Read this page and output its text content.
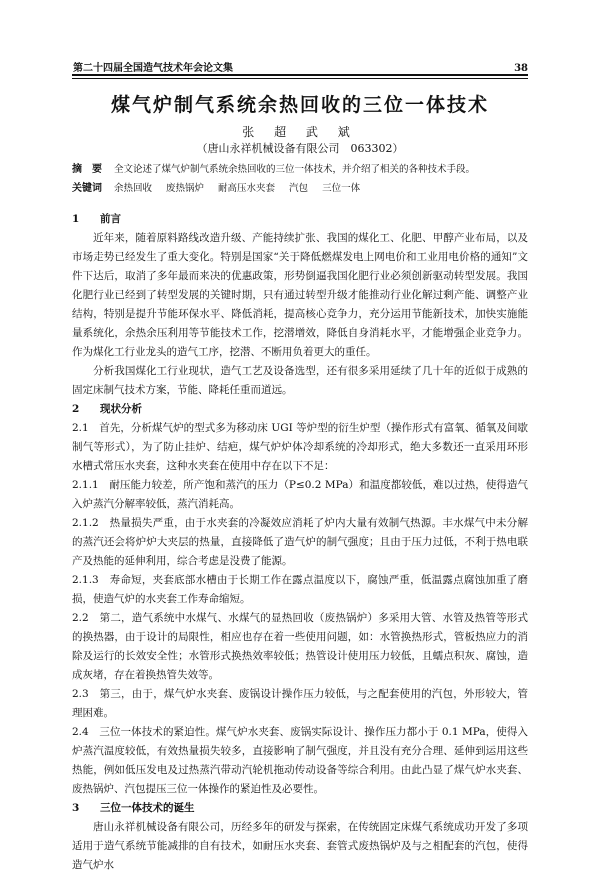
第二十四届全国造气技术年会论文集	38
煤气炉制气系统余热回收的三位一体技术
张 超 武 斌
（唐山永祥机械设备有限公司　063302）
摘　要 全文论述了煤气炉制气系统余热回收的三位一体技术，并介绍了相关的各种技术手段。
关键词 余热回收 废热锅炉 耐高压水夹套 汽包 三位一体
1 前言

近年来，随着原料路线改造升级、产能持续扩张、我国的煤化工、化肥、甲醇产业布局，以及市场走势已经发生了重大变化。特别是国家“关于降低燃煤发电上网电价和工业用电价格的通知”文件下达后，取消了多年最而来决的优惠政策，形势倒逼我国化肥行业必须创新驱动转型发展。我国化肥行业已经到了转型发展的关键时期，只有通过转型升级才能推动行业化解过剩产能、调整产业结构，特别是提升节能环保水平、降低消耗，提高核心竞争力，充分运用节能新技术，加快实施能量系统化，余热余压利用等节能技术工作，挖潜增效，降低自身消耗水平，才能增强企业竞争力。作为煤化工行业龙头的造气工序，挖潜、不断用负着更大的重任。

分析我国煤化工行业现状，造气工艺及设备选型，还有很多采用延续了几十年的近似于成熟的固定床制气技术方案，节能、降耗任重而道远。

2 现状分析

2.1　首先，分析煤气炉的型式多为移动床 UGI 等炉型的衍生炉型（操作形式有富氧、循氧及间歇制气等形式），为了防止挂炉、结疤，煤气炉炉体冷却系统的冷却形式，绝大多数还一直采用环形水槽式常压水夹套，这种水夹套在使用中存在以下不足：

2.1.1　耐压能力较差，所产饱和蒸汽的压力（P≤0.2 MPa）和温度都较低，难以过热，使得造气入炉蒸汽分解率较低，蒸汽消耗高。

2.1.2　热量损失严重，由于水夹套的冷凝效应消耗了炉内大量有效制气热源。丰水煤气中未分解的蒸汽还会将炉炉大夹层的热量，直接降低了造气炉的制气强度；且由于压力过低，不利于热电联产及热能的延伸利用，综合考虑是没费了能源。

2.1.3　寿命短，夹套底部水槽由于长期工作在露点温度以下，腐蚀严重，低温露点腐蚀加重了磨损，使造气炉的水夹套工作寿命缩短。

2.2　第二，造气系统中水煤气、水煤气的显热回收（废热锅炉）多采用大管、水管及热管等形式的换热器，由于设计的局限性，相应也存在着一些使用问题，如：水管换热形式，管板热应力的消除及运行的长效安全性；水管形式换热效率较低；热管设计使用压力较低，且蠕点积灰、腐蚀，造成灰堵，存在着换热管失效等。

2.3　第三，由于，煤气炉水夹套、废锅设计操作压力较低，与之配套使用的汽包，外形较大，管理困难。

2.4　三位一体技术的紧迫性。煤气炉水夹套、废锅实际设计、操作压力都小于 0.1 MPa，使得入炉蒸汽温度较低，有效热量损失较多，直接影响了制气强度，并且没有充分合理、延伸到运用这些热能，例如低压发电及过热蒸汽带动汽轮机拖动传动设备等综合利用。由此凸显了煤气炉水夹套、废热锅炉、汽包提压三位一体操作的紧迫性及必要性。

3 三位一体技术的诞生

唐山永祥机械设备有限公司，历经多年的研发与探索，在传统固定床煤气系统成功开发了多项适用于造气系统节能减排的自有技术，如耐压水夹套、套管式废热锅炉及与之相配套的汽包，使得造气炉水
